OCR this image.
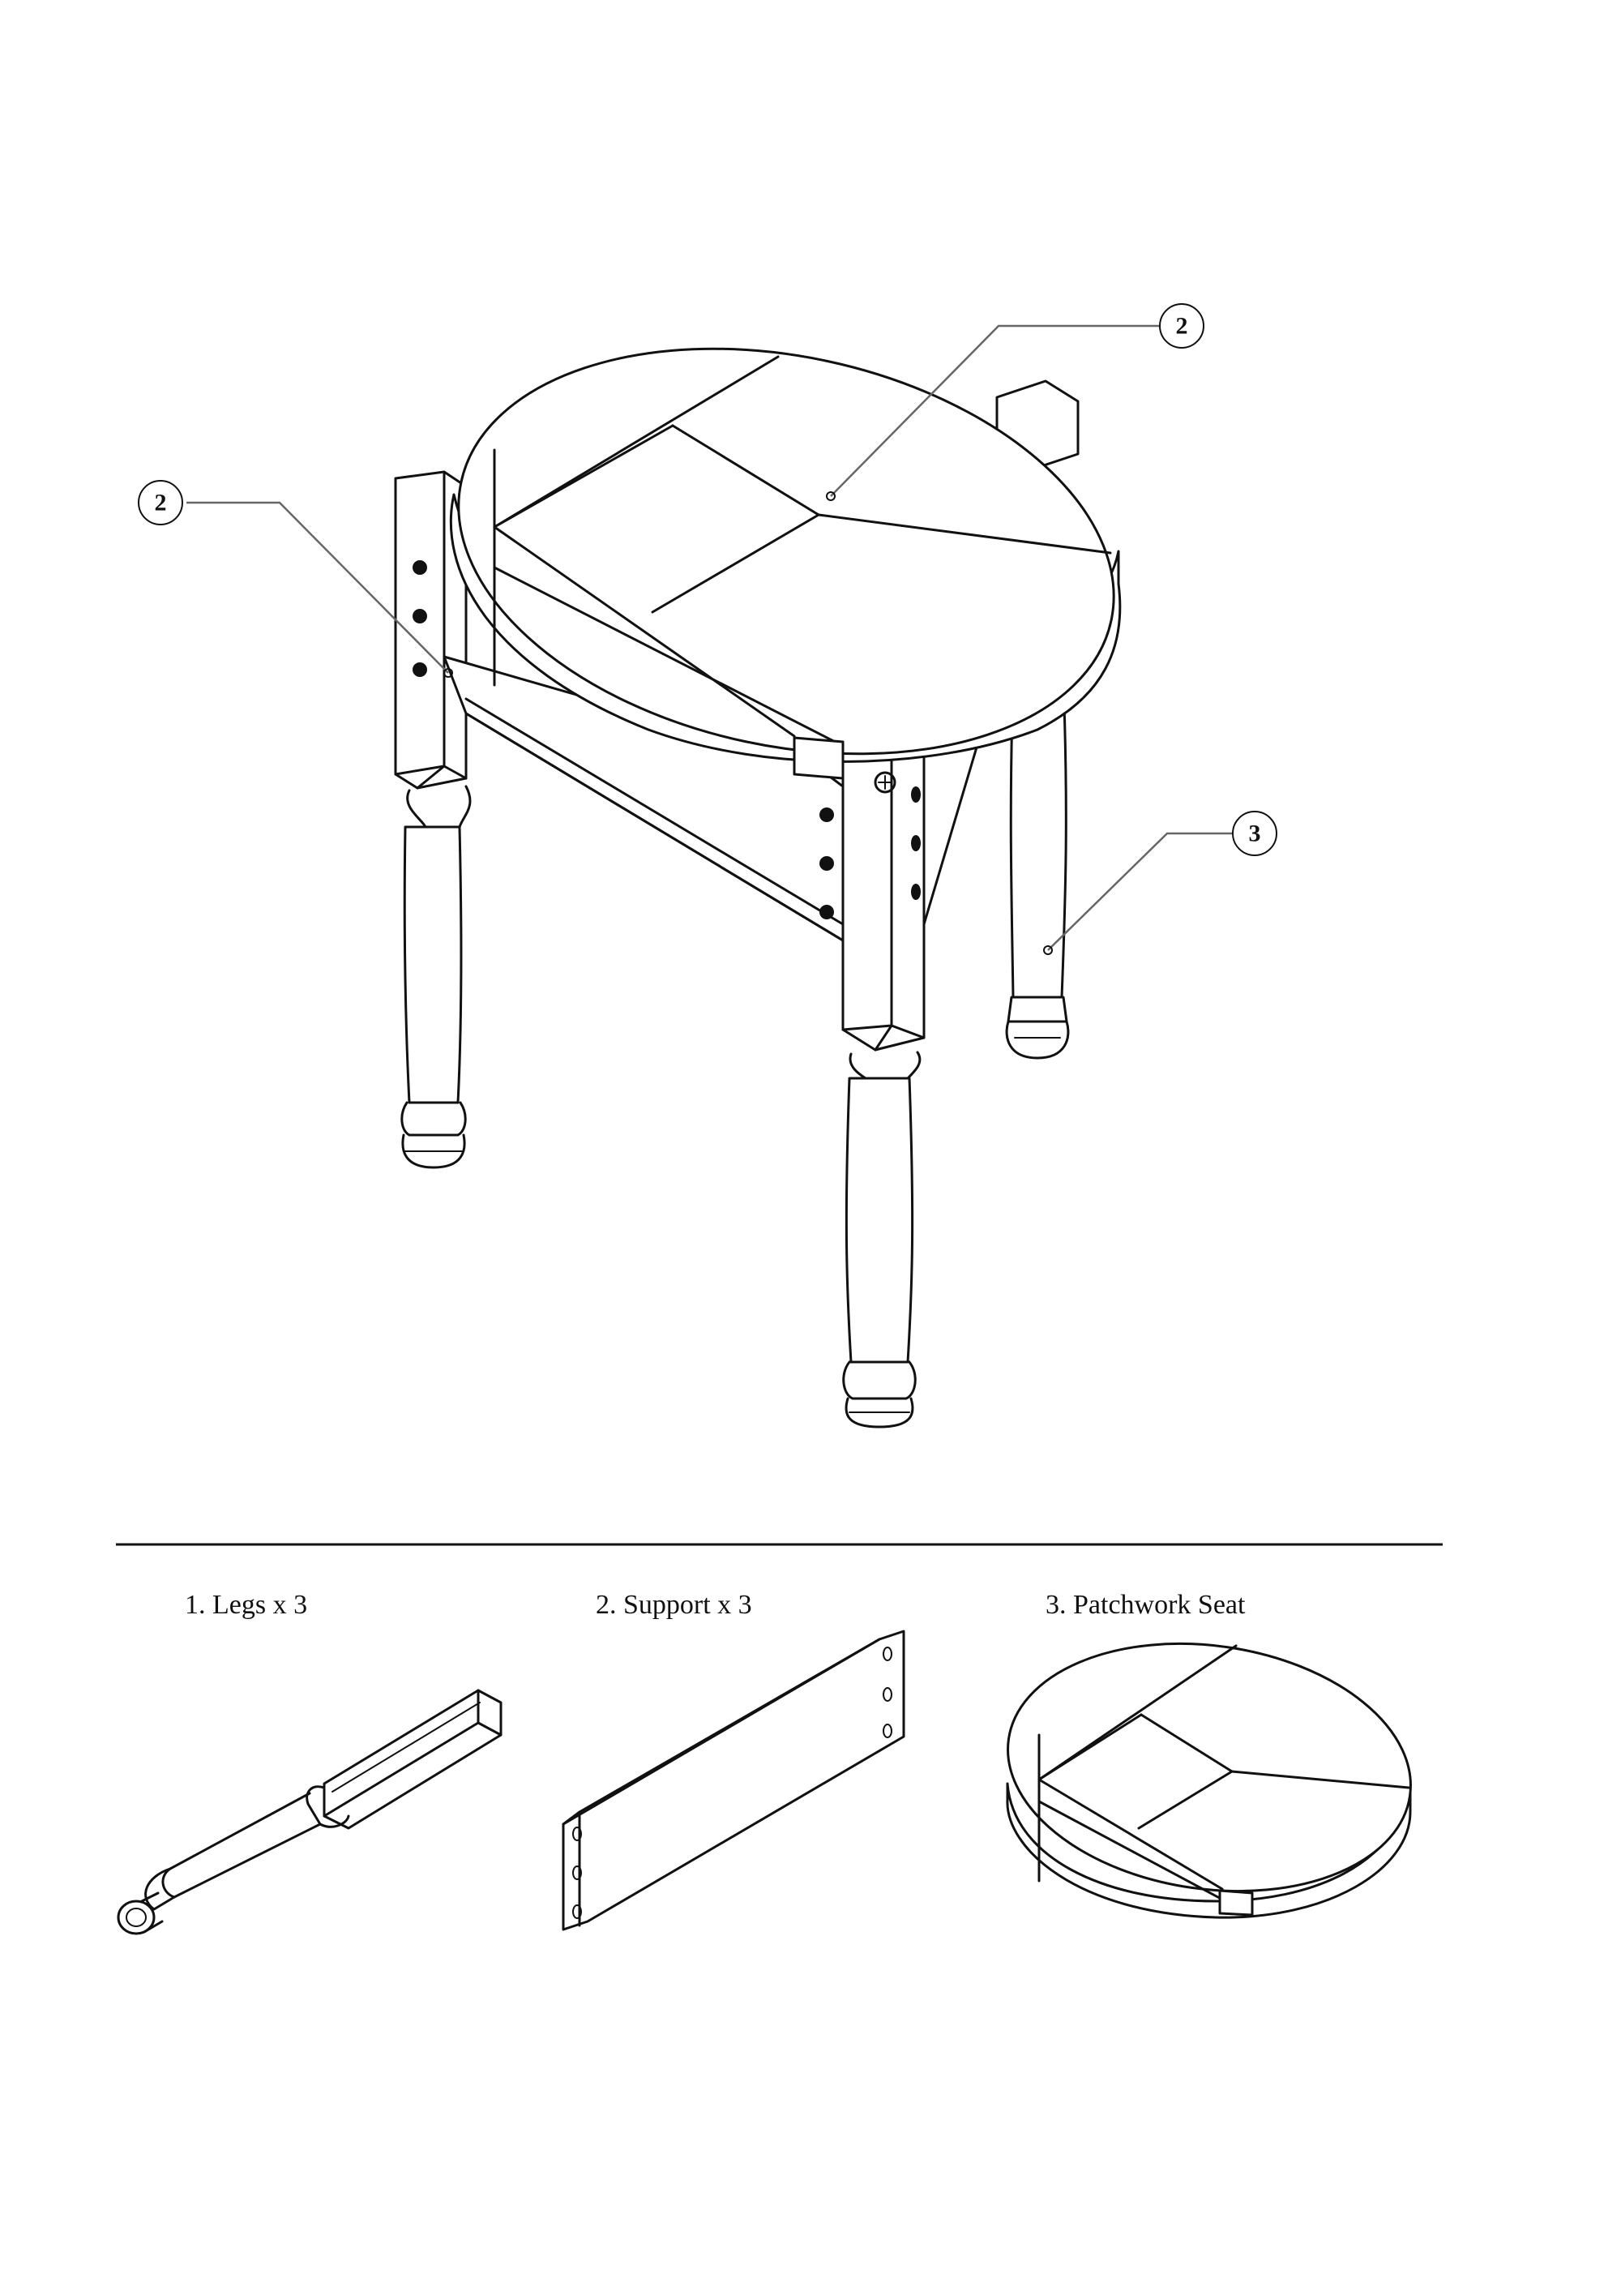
2
2
3
1. Legs x 3	2. Support x 3	3. Patchwork Seat
